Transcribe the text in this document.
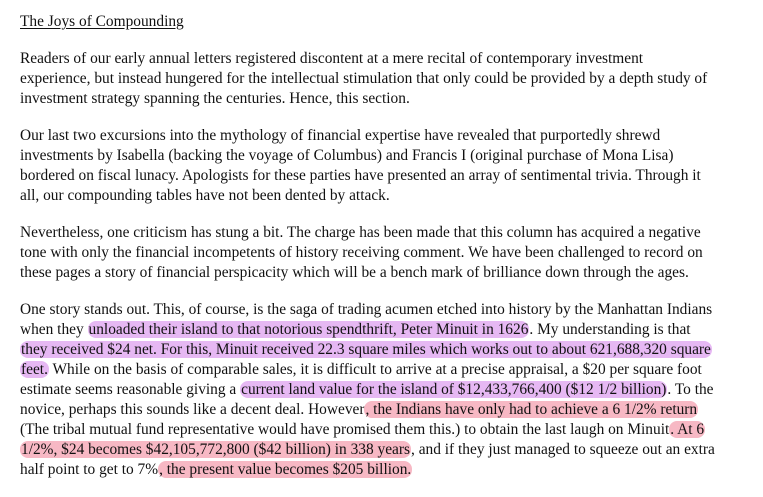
The Joys of Compounding
Readers of our early annual letters registered discontent at a mere recital of contemporary investment
experience, but instead hungered for the intellectual stimulation that only could be provided by a depth study of
investment strategy spanning the centuries. Hence, this section.
Our last two excursions into the mythology of financial expertise have revealed that purportedly shrewd
investments by Isabella (backing the voyage of Columbus) and Francis I (original purchase of Mona Lisa)
bordered on fiscal lunacy. Apologists for these parties have presented an array of sentimental trivia. Through it
all, our compounding tables have not been dented by attack.
Nevertheless, one criticism has stung a bit. The charge has been made that this column has acquired a negative
tone with only the financial incompetents of history receiving comment. We have been challenged to record on
these pages a story of financial perspicacity which will be a bench mark of brilliance down through the ages.
One story stands out. This, of course, is the saga of trading acumen etched into history by the Manhattan Indians
when they unloaded their island to that notorious spendthrift, Peter Minuit in 1626. My understanding is that
they received $24 net. For this, Minuit received 22.3 square miles which works out to about 621,688,320 square
feet. While on the basis of comparable sales, it is difficult to arrive at a precise appraisal, a $20 per square foot
estimate seems reasonable giving a current land value for the island of $12,433,766,400 ($12 1/2 billion). To the
novice, perhaps this sounds like a decent deal. However, the Indians have only had to achieve a 6 1/2% return
(The tribal mutual fund representative would have promised them this.) to obtain the last laugh on Minuit. At 6
1/2%, $24 becomes $42,105,772,800 ($42 billion) in 338 years, and if they just managed to squeeze out an extra
half point to get to 7%, the present value becomes $205 billion.
